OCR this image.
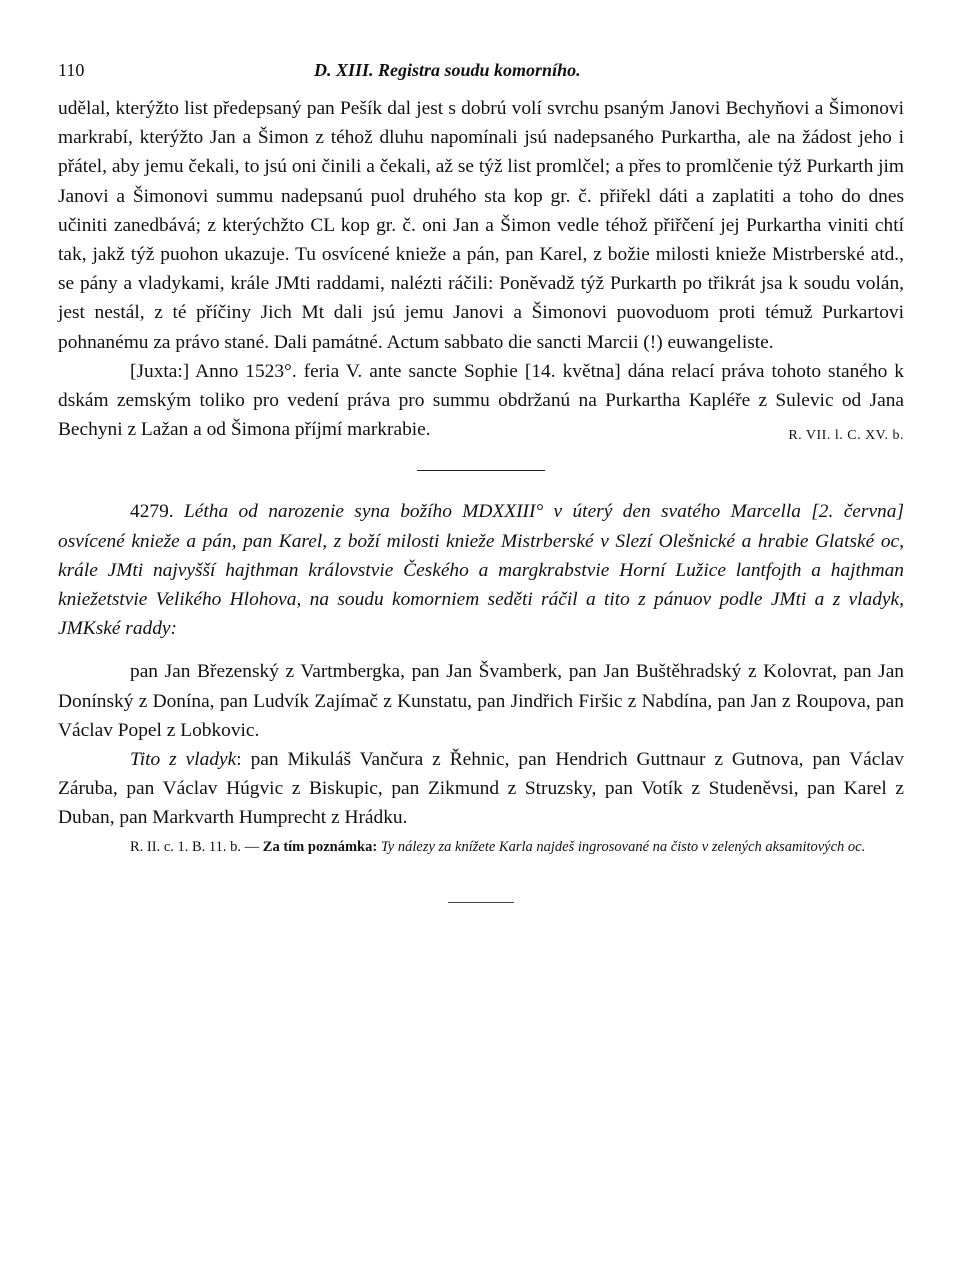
110	D. XIII. Registra soudu komorního.

udělal, kterýžto list předepsaný pan Pešík dal jest s dobrú volí svrchu psaným Janovi Bechyňovi a Šimonovi markrabí, kterýžto Jan a Šimon z téhož dluhu napomínali jsú nadepsaného Purkartha, ale na žádost jeho i přátel, aby jemu čekali, to jsú oni činili a čekali, až se týž list promlčel; a přes to promlčenie týž Purkarth jim Janovi a Šimonovi summu nadepsanú puol druhého sta kop gr. č. přiřekl dáti a zaplatiti a toho do dnes učiniti zanedbává; z kterýchžto CL kop gr. č. oni Jan a Šimon vedle téhož přiřčení jej Purkartha viniti chtí tak, jakž týž puohon ukazuje. Tu osvícené knieže a pán, pan Karel, z božie milosti knieže Mistrberské atd., se pány a vladykami, krále JMti raddami, nalézti ráčili: Poněvadž týž Purkarth po třikrát jsa k soudu volán, jest nestál, z té příčiny Jich Mt dali jsú jemu Janovi a Šimonovi puovoduom proti témuž Purkartovi pohnanému za právo stané. Dali památné. Actum sabbato die sancti Marcii (!) euwangeliste.

[Juxta:] Anno 1523°. feria V. ante sancte Sophie [14. května] dána relací práva tohoto staného k dskám zemským toliko pro vedení práva pro summu obdržanú na Purkartha Kapléře z Sulevic od Jana Bechyni z Lažan a od Šimona příjmí markrabie.	R. VII. l. C. XV. b.

4279. Létha od narozenie syna božího MDXXIII° v úterý den svatého Marcella [2. června] osvícené knieže a pán, pan Karel, z boží milosti knieže Mistrberské v Slezí Olešnické a hrabie Glatské oc, krále JMti najvyšší hajthman královstvie Českého a margkrabstvie Horní Lužice lantfojth a hajthman kniežetstvie Velikého Hlohova, na soudu komorniem seděti ráčil a tito z pánuov podle JMti a z vladyk, JMKské raddy:

pan Jan Březenský z Vartmbergka, pan Jan Švamberk, pan Jan Buštěhradský z Kolovrat, pan Jan Donínský z Donína, pan Ludvík Zajímač z Kunstatu, pan Jindřich Firšic z Nabdína, pan Jan z Roupova, pan Václav Popel z Lobkovic.

Tito z vladyk: pan Mikuláš Vančura z Řehnic, pan Hendrich Guttnaur z Gutnova, pan Václav Záruba, pan Václav Húgvic z Biskupic, pan Zikmund z Struzsky, pan Votík z Studeněvsi, pan Karel z Duban, pan Markvarth Humprecht z Hrádku.

R. II. c. 1. B. 11. b. — Za tím poznámka: Ty nálezy za knížete Karla najdeš ingrosované na čisto v zelených aksamitových oc.
